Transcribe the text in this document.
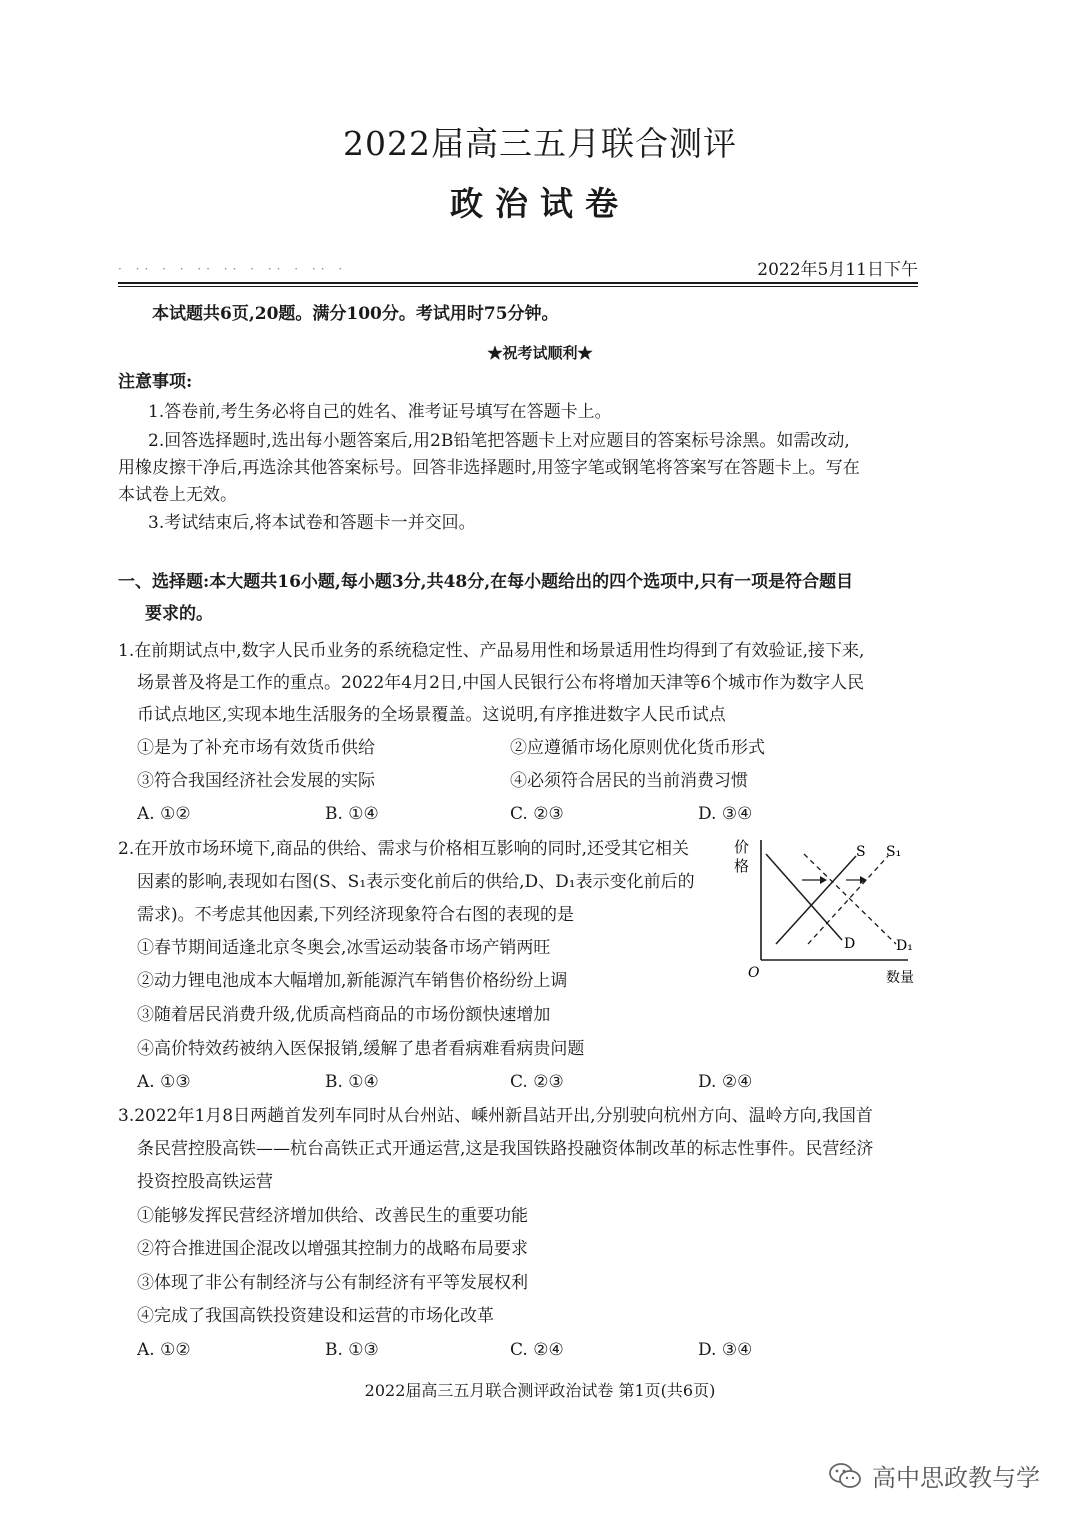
2022届高三五月联合测评
政治试卷
· ·· · · ·· ·· · ·· · ·· ·	2022年5月11日下午
本试题共6页,20题。满分100分。考试用时75分钟。
★祝考试顺利★
注意事项:
1.答卷前,考生务必将自己的姓名、准考证号填写在答题卡上。
2.回答选择题时,选出每小题答案后,用2B铅笔把答题卡上对应题目的答案标号涂黑。如需改动,
用橡皮擦干净后,再选涂其他答案标号。回答非选择题时,用签字笔或钢笔将答案写在答题卡上。写在
本试卷上无效。
3.考试结束后,将本试卷和答题卡一并交回。
一、选择题:本大题共16小题,每小题3分,共48分,在每小题给出的四个选项中,只有一项是符合题目
要求的。
1.在前期试点中,数字人民币业务的系统稳定性、产品易用性和场景适用性均得到了有效验证,接下来,
场景普及将是工作的重点。2022年4月2日,中国人民银行公布将增加天津等6个城市作为数字人民
币试点地区,实现本地生活服务的全场景覆盖。这说明,有序推进数字人民币试点
①是为了补充市场有效货币供给	②应遵循市场化原则优化货币形式
③符合我国经济社会发展的实际	④必须符合居民的当前消费习惯
A. ①②	B. ①④	C. ②③	D. ③④
2.在开放市场环境下,商品的供给、需求与价格相互影响的同时,还受其它相关
因素的影响,表现如右图(S、S₁表示变化前后的供给,D、D₁表示变化前后的
需求)。不考虑其他因素,下列经济现象符合右图的表现的是
①春节期间适逢北京冬奥会,冰雪运动装备市场产销两旺
②动力锂电池成本大幅增加,新能源汽车销售价格纷纷上调
③随着居民消费升级,优质高档商品的市场份额快速增加
④高价特效药被纳入医保报销,缓解了患者看病难看病贵问题
A. ①③	B. ①④	C. ②③	D. ②④
价
格
O	数量
S S₁
D	D₁
3.2022年1月8日两趟首发列车同时从台州站、嵊州新昌站开出,分别驶向杭州方向、温岭方向,我国首
条民营控股高铁——杭台高铁正式开通运营,这是我国铁路投融资体制改革的标志性事件。民营经济
投资控股高铁运营
①能够发挥民营经济增加供给、改善民生的重要功能
②符合推进国企混改以增强其控制力的战略布局要求
③体现了非公有制经济与公有制经济有平等发展权利
④完成了我国高铁投资建设和运营的市场化改革
A. ①②	B. ①③	C. ②④	D. ③④
2022届高三五月联合测评政治试卷 第1页(共6页)
高中思政教与学
